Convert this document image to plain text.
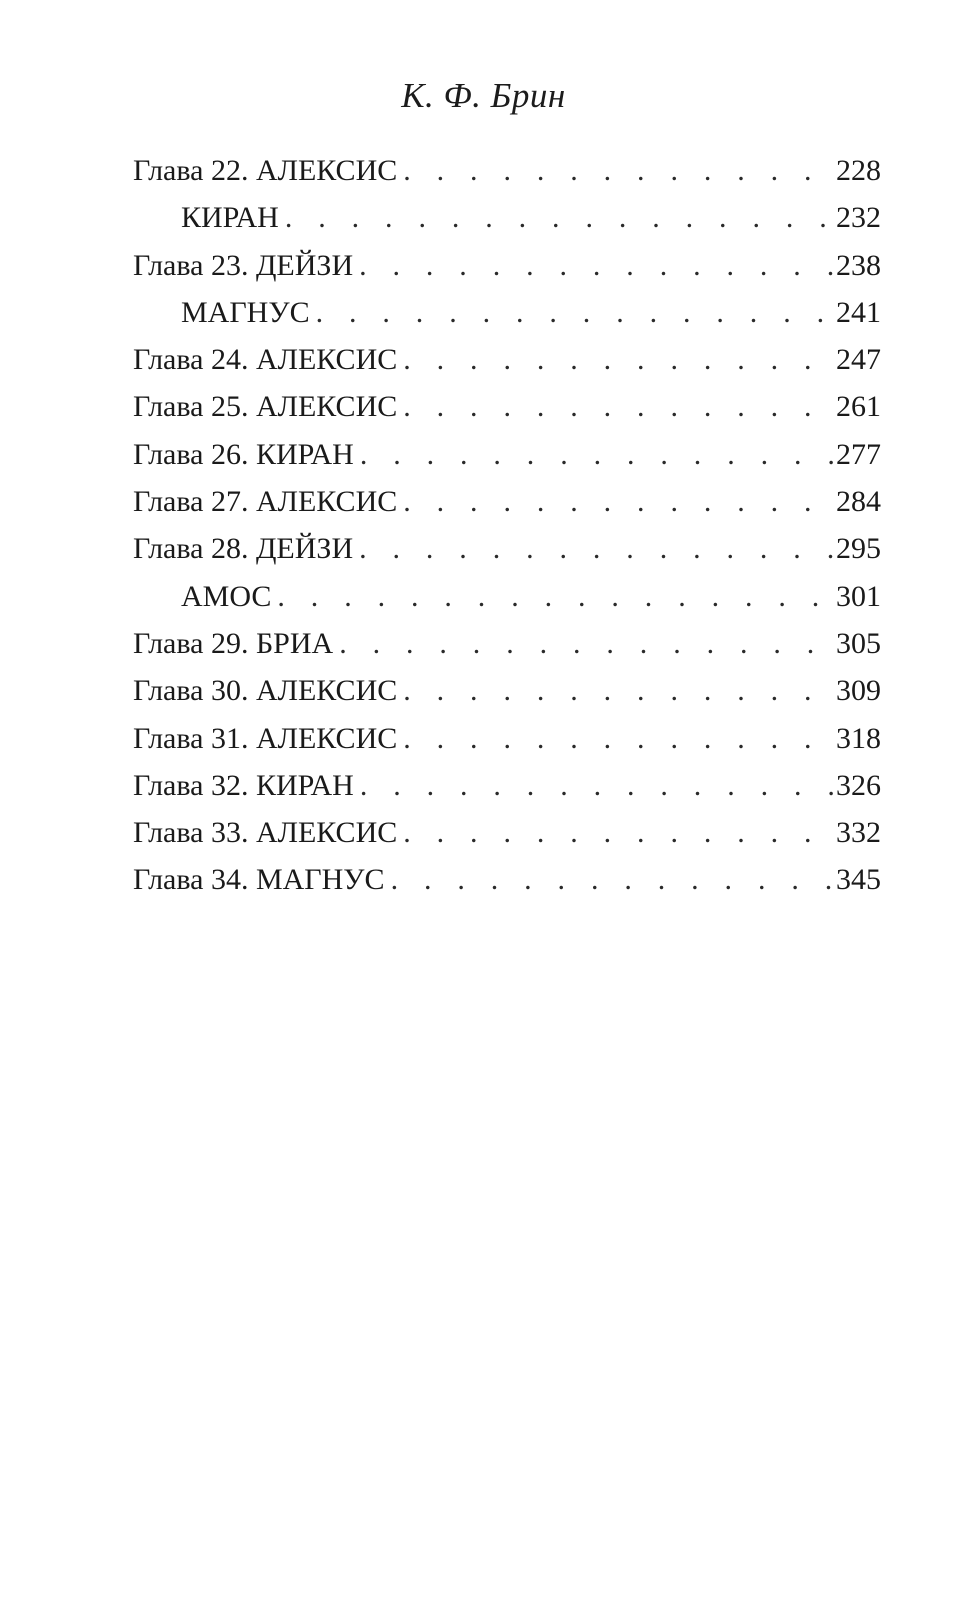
К. Ф. Брин
Глава 22. АЛЕКСИС . . .	228
КИРАН . . .	232
Глава 23. ДЕЙЗИ . . .	238
МАГНУС . . .	241
Глава 24. АЛЕКСИС . . .	247
Глава 25. АЛЕКСИС . . .	261
Глава 26. КИРАН . . .	277
Глава 27. АЛЕКСИС . . .	284
Глава 28. ДЕЙЗИ . . .	295
АМОС . . .	301
Глава 29. БРИА . . .	305
Глава 30. АЛЕКСИС . . .	309
Глава 31. АЛЕКСИС . . .	318
Глава 32. КИРАН . . .	326
Глава 33. АЛЕКСИС . . .	332
Глава 34. МАГНУС . . .	345
